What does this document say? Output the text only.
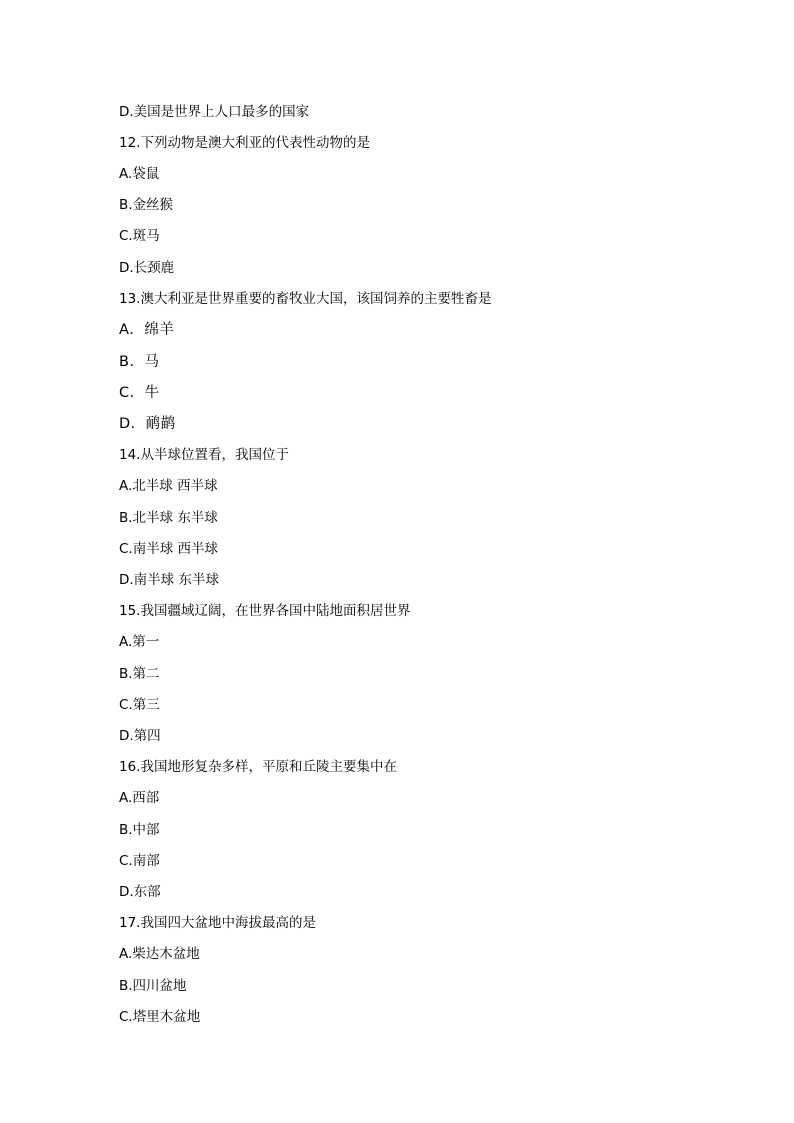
D.美国是世界上人口最多的国家
12.下列动物是澳大利亚的代表性动物的是
A.袋鼠
B.金丝猴
C.斑马
D.长颈鹿
13.澳大利亚是世界重要的畜牧业大国，该国饲养的主要牲畜是
A．绵羊
B．马
C．牛
D．鸸鹋
14.从半球位置看，我国位于
A.北半球 西半球
B.北半球 东半球
C.南半球 西半球
D.南半球 东半球
15.我国疆域辽阔，在世界各国中陆地面积居世界
A.第一
B.第二
C.第三
D.第四
16.我国地形复杂多样，平原和丘陵主要集中在
A.西部
B.中部
C.南部
D.东部
17.我国四大盆地中海拔最高的是
A.柴达木盆地
B.四川盆地
C.塔里木盆地
